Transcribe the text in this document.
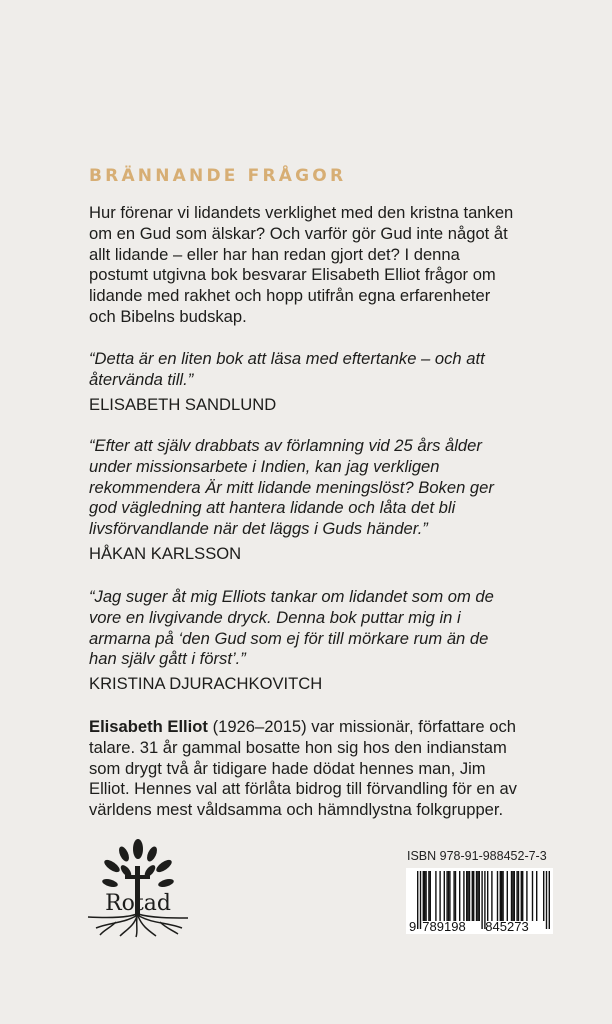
BRÄNNANDE FRÅGOR
Hur förenar vi lidandets verklighet med den kristna tanken
om en Gud som älskar? Och varför gör Gud inte något åt
allt lidande – eller har han redan gjort det? I denna
postumt utgivna bok besvarar Elisabeth Elliot frågor om
lidande med rakhet och hopp utifrån egna erfarenheter
och Bibelns budskap.
“Detta är en liten bok att läsa med eftertanke – och att
återvända till.”
ELISABETH SANDLUND
“Efter att själv drabbats av förlamning vid 25 års ålder
under missionsarbete i Indien, kan jag verkligen
rekommendera Är mitt lidande meningslöst? Boken ger
god vägledning att hantera lidande och låta det bli
livsförvandlande när det läggs i Guds händer.”
HÅKAN KARLSSON
“Jag suger åt mig Elliots tankar om lidandet som om de
vore en livgivande dryck. Denna bok puttar mig in i
armarna på ‘den Gud som ej för till mörkare rum än de
han själv gått i först’.”
KRISTINA DJURACHKOVITCH
Elisabeth Elliot (1926–2015) var missionär, författare och
talare. 31 år gammal bosatte hon sig hos den indianstam
som drygt två år tidigare hade dödat hennes man, Jim
Elliot. Hennes val att förlåta bidrog till förvandling för en av
världens mest våldsamma och hämndlystna folkgrupper.
Rotad
ISBN 978-91-988452-7-3
9 789198 845273
